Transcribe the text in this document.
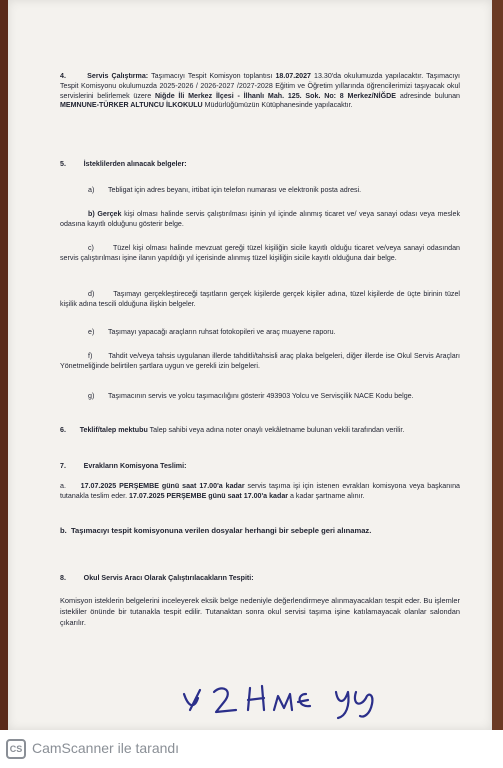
4.	Servis Çalıştırma: Taşımacıyı Tespit Komisyon toplantısı 18.07.2027 13.30'da okulumuzda yapılacaktır. Taşımacıyı Tespit Komisyonu okulumuzda 2025-2026 / 2026-2027 /2027-2028 Eğitim ve Öğretim yıllarında öğrencilerimizi taşıyacak okul servislerini belirlemek üzere Niğde İli Merkez İlçesi - İlhanlı Mah. 125. Sok. No: 8 Merkez/NİĞDE adresinde bulunan MEMNUNE-TÜRKER ALTUNCU İLKOKULU Müdürlüğümüzün Kütüphanesinde yapılacaktır.

5.	İsteklilerden alınacak belgeler:

a) Tebligat için adres beyanı, irtibat için telefon numarası ve elektronik posta adresi.

b) Gerçek kişi olması halinde servis çalıştırılması işinin yıl içinde alınmış ticaret ve/ veya sanayi odası veya meslek odasına kayıtlı olduğunu gösterir belge.

c)	Tüzel kişi olması halinde mevzuat gereği tüzel kişiliğin sicile kayıtlı olduğu ticaret ve/veya sanayi odasından servis çalıştırılması işine ilanın yapıldığı yıl içerisinde alınmış tüzel kişiliğin sicile kayıtlı olduğuna dair belge.

d)	Taşımayı gerçekleştireceği taşıtların gerçek kişilerde gerçek kişiler adına, tüzel kişilerde de üçte birinin tüzel kişilik adına tescili olduğuna ilişkin belgeler.

e) Taşımayı yapacağı araçların ruhsat fotokopileri ve araç muayene raporu.

f) Tahdit ve/veya tahsis uygulanan illerde tahditli/tahsisli araç plaka belgeleri, diğer illerde ise Okul Servis Araçları Yönetmeliğinde belirtilen şartlara uygun ve gerekli izin belgeleri.

g) Taşımacının servis ve yolcu taşımacılığını gösterir 493903 Yolcu ve Servisçilik NACE Kodu belge.

6. Teklif/talep mektubu Talep sahibi veya adına noter onaylı vekâletname bulunan vekili tarafından verilir.

7.	Evrakların Komisyona Teslimi:

a. 17.07.2025 PERŞEMBE günü saat 17.00'a kadar servis taşıma işi için istenen evrakları komisyona veya başkanına tutanakla teslim eder. 17.07.2025 PERŞEMBE günü saat 17.00'a kadar a kadar şartname alınır.

b. Taşımacıyı tespit komisyonuna verilen dosyalar herhangi bir sebeple geri alınamaz.

8.	Okul Servis Aracı Olarak Çalıştırılacakların Tespiti:

Komisyon isteklerin belgelerini inceleyerek eksik belge nedeniyle değerlendirmeye alınmayacakları tespit eder. Bu işlemler istekliler önünde bir tutanakla tespit edilir. Tutanaktan sonra okul servisi taşıma işine katılamayacak olanlar salondan çıkarılır.

CS CamScanner ile tarandı
